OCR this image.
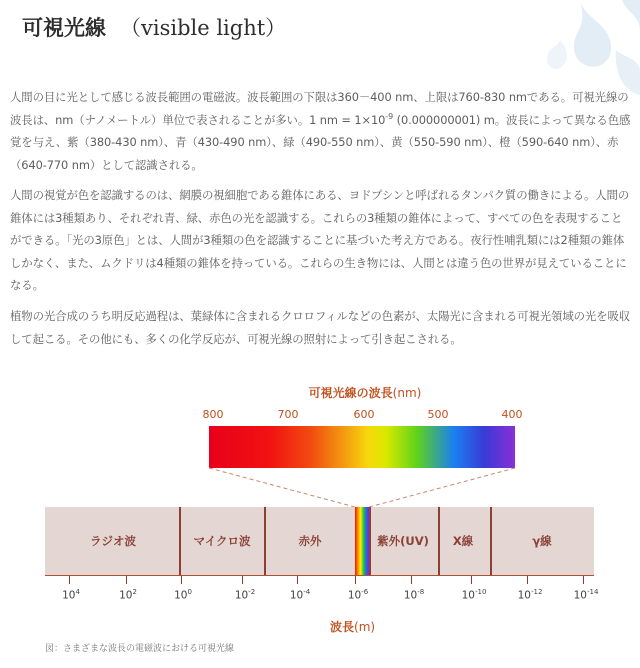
可視光線 （visible light）

人間の目に光として感じる波長範囲の電磁波。波長範囲の下限は360－400 nm、上限は760-830 nmである。可視光線の波長は、nm（ナノメートル）単位で表されることが多い。1 nm = $1\times 10^{-9}$ (0.000000001) m。波長によって異なる色感覚を与え、紫（380-430 nm）、青（430-490 nm）、緑（490-550 nm）、黄（550-590 nm）、橙（590-640 nm）、赤（640-770 nm）として認識される。

人間の視覚が色を認識するのは、網膜の視細胞である錐体にある、ヨドプシンと呼ばれるタンパク質の働きによる。人間の錐体には3種類あり、それぞれ青、緑、赤色の光を認識する。これらの3種類の錐体によって、すべての色を表現することができる。「光の3原色」とは、人間が3種類の色を認識することに基づいた考え方である。夜行性哺乳類には2種類の錐体しかなく、また、ムクドリは4種類の錐体を持っている。これらの生き物には、人間とは違う色の世界が見えていることになる。

植物の光合成のうち明反応過程は、葉緑体に含まれるクロロフィルなどの色素が、太陽光に含まれる可視光領域の光を吸収して起こる。その他にも、多くの化学反応が、可視光線の照射によって引き起こされる。

可視光線の波長(nm)
800	700	600	500	400
ラジオ波	マイクロ波	赤外	紫外(UV) X線	γ線
$10^4$	$10^2$	$10^0$	$10^{-2}$	$10^{-4}$	$10^{-6}$	$10^{-8}$	$10^{-10}$	$10^{-12}$	$10^{-14}$
波長(m)
図：さまざまな波長の電磁波における可視光線
